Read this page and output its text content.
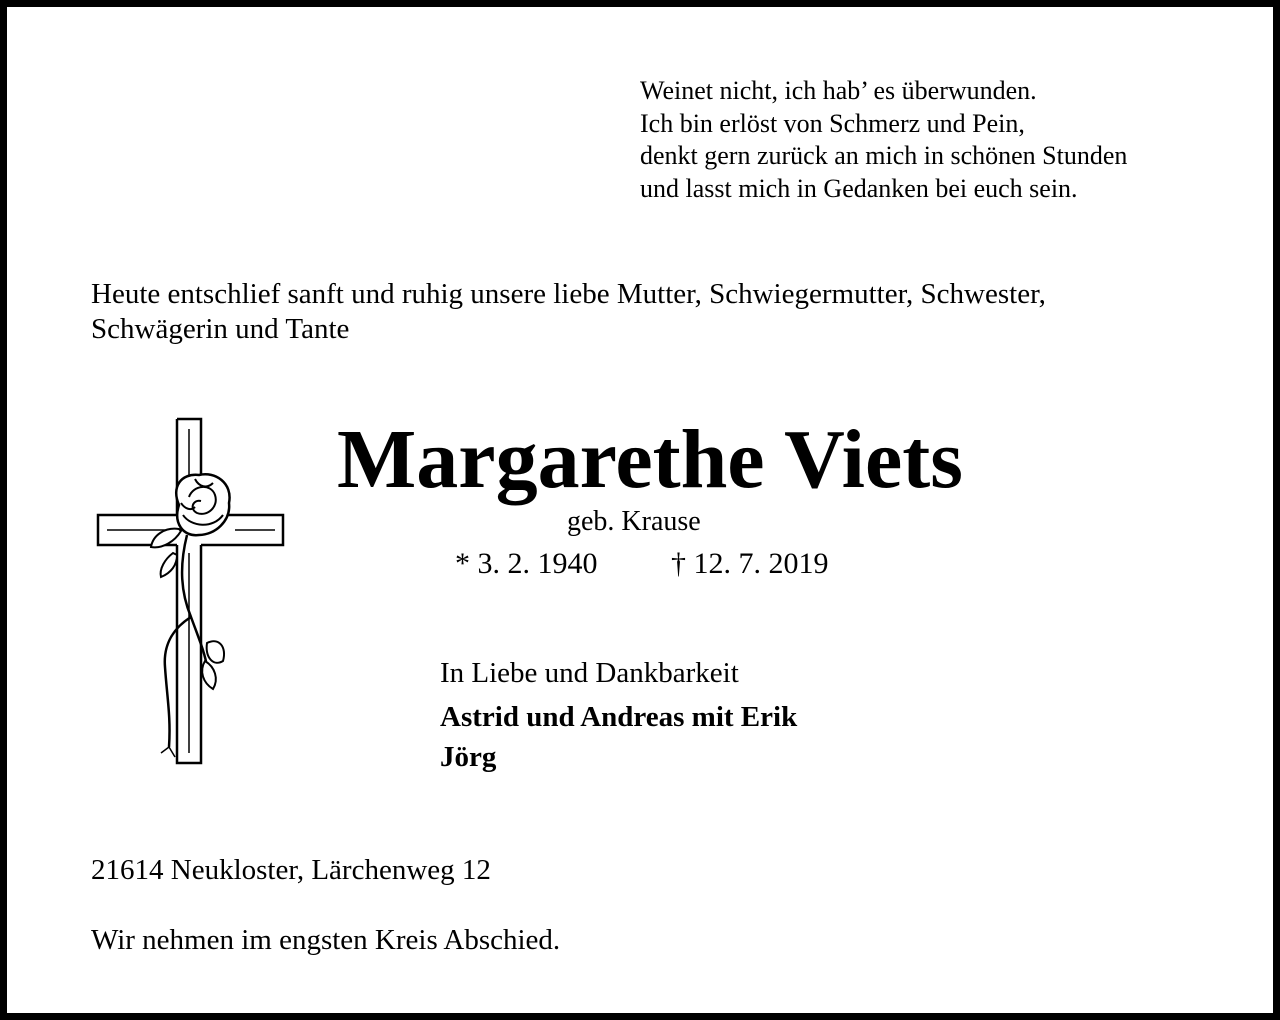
Weinet nicht, ich hab’ es überwunden.
Ich bin erlöst von Schmerz und Pein,
denkt gern zurück an mich in schönen Stunden
und lasst mich in Gedanken bei euch sein.
Heute entschlief sanft und ruhig unsere liebe Mutter, Schwiegermutter, Schwester,
Schwägerin und Tante
Margarethe Viets
geb. Krause
* 3. 2. 1940 † 12. 7. 2019
In Liebe und Dankbarkeit
Astrid und Andreas mit Erik
Jörg
21614 Neukloster, Lärchenweg 12
Wir nehmen im engsten Kreis Abschied.
